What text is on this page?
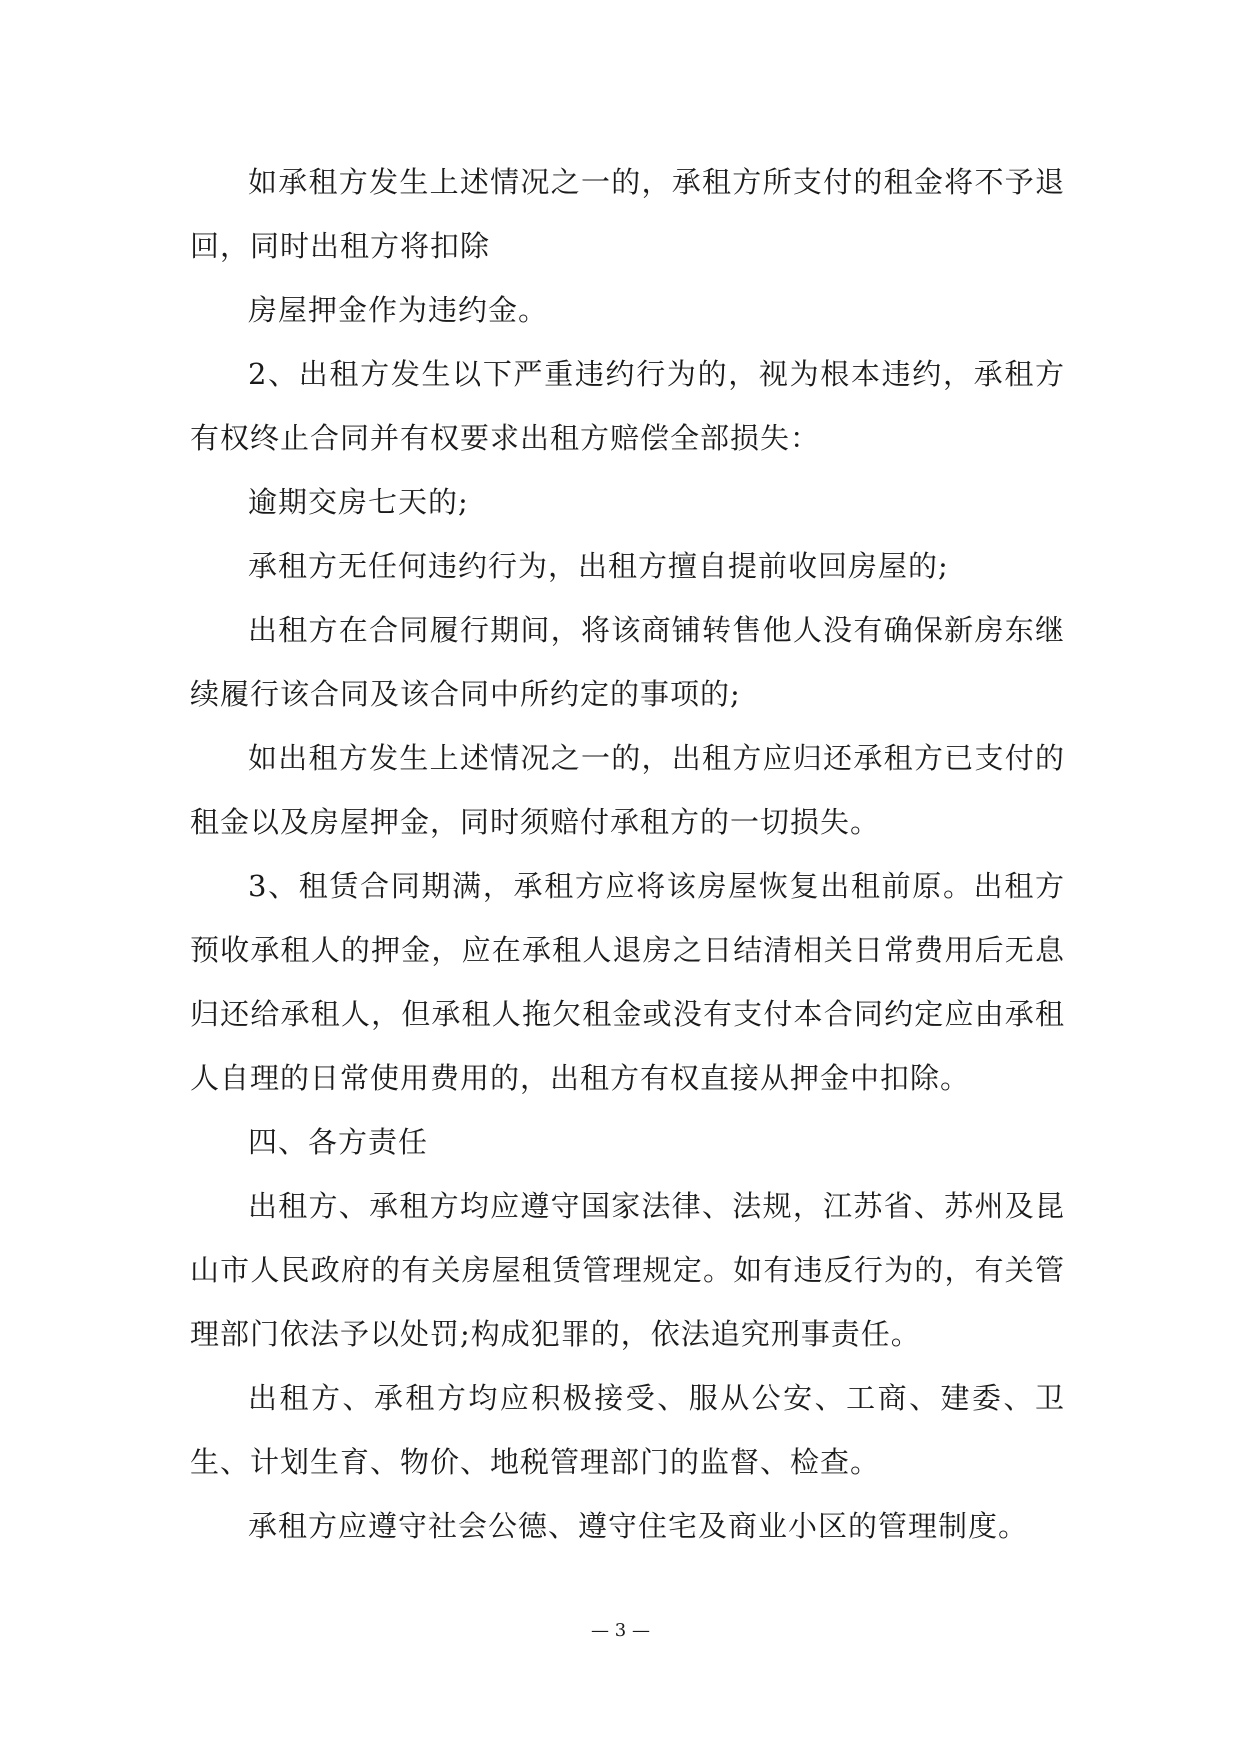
如承租方发生上述情况之一的，承租方所支付的租金将不予退回，同时出租方将扣除

房屋押金作为违约金。

2、出租方发生以下严重违约行为的，视为根本违约，承租方有权终止合同并有权要求出租方赔偿全部损失：

逾期交房七天的;

承租方无任何违约行为，出租方擅自提前收回房屋的;

出租方在合同履行期间，将该商铺转售他人没有确保新房东继续履行该合同及该合同中所约定的事项的;

如出租方发生上述情况之一的，出租方应归还承租方已支付的租金以及房屋押金，同时须赔付承租方的一切损失。

3、租赁合同期满，承租方应将该房屋恢复出租前原。出租方预收承租人的押金，应在承租人退房之日结清相关日常费用后无息归还给承租人，但承租人拖欠租金或没有支付本合同约定应由承租人自理的日常使用费用的，出租方有权直接从押金中扣除。

四、各方责任

出租方、承租方均应遵守国家法律、法规，江苏省、苏州及昆山市人民政府的有关房屋租赁管理规定。如有违反行为的，有关管理部门依法予以处罚;构成犯罪的，依法追究刑事责任。

出租方、承租方均应积极接受、服从公安、工商、建委、卫生、计划生育、物价、地税管理部门的监督、检查。

承租方应遵守社会公德、遵守住宅及商业小区的管理制度。

— 3 —
